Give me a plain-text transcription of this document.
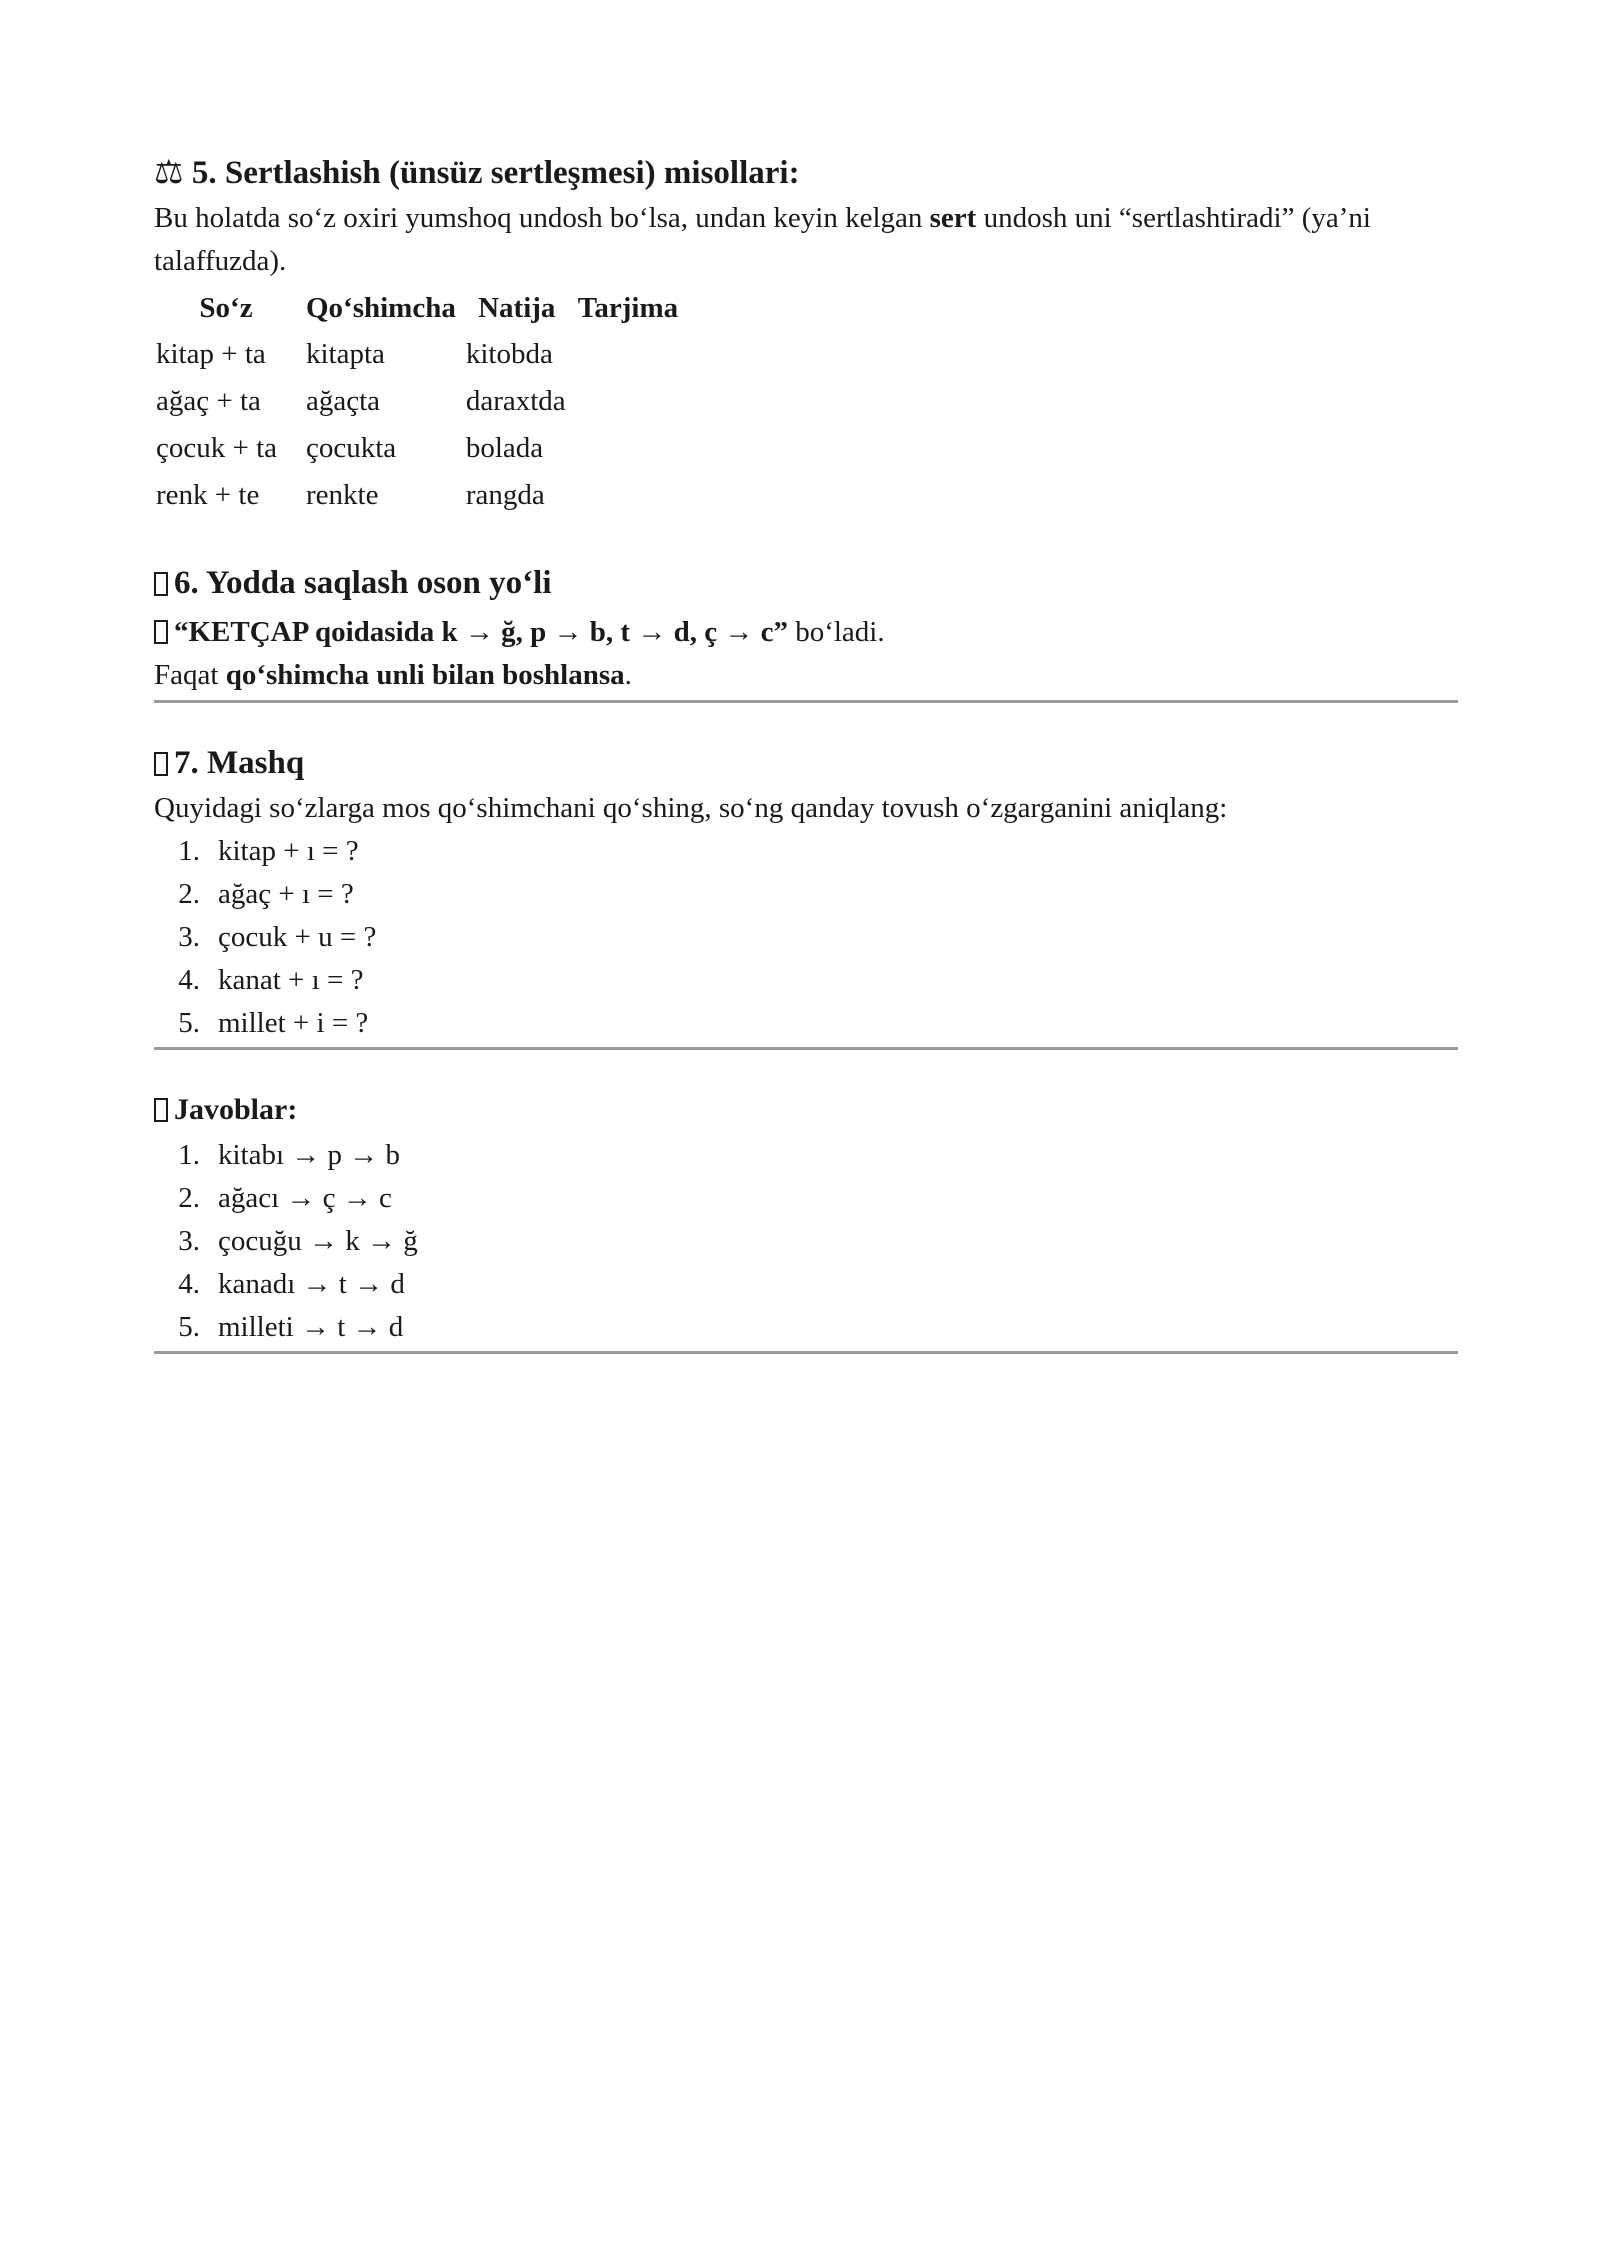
⚖ 5. Sertlashish (ünsüz sertleşmesi) misollari:

Bu holatda so‘z oxiri yumshoq undosh bo‘lsa, undan keyin kelgan sert undosh uni “sertlashtiradi” (ya’ni talaffuzda).

So‘z	Qo‘shimcha	Natija	Tarjima
kitap + ta	kitapta	kitobda	
ağaç + ta	ağaçta	daraxtda	
çocuk + ta	çocukta	bolada	
renk + te	renkte	rangda	
6. Yodda saqlash oson yo‘li

“KETÇAP qoidasida k → ğ, p → b, t → d, ç → c” bo‘ladi.

Faqat qo‘shimcha unli bilan boshlansa.

7. Mashq

Quyidagi so‘zlarga mos qo‘shimchani qo‘shing, so‘ng qanday tovush o‘zgarganini aniqlang:

1. kitap + ı = ?
2. ağaç + ı = ?
3. çocuk + u = ?
4. kanat + ı = ?
5. millet + i = ?
Javoblar:
1. kitabı → p → b
2. ağacı → ç → c
3. çocuğu → k → ğ
4. kanadı → t → d
5. milleti → t → d
